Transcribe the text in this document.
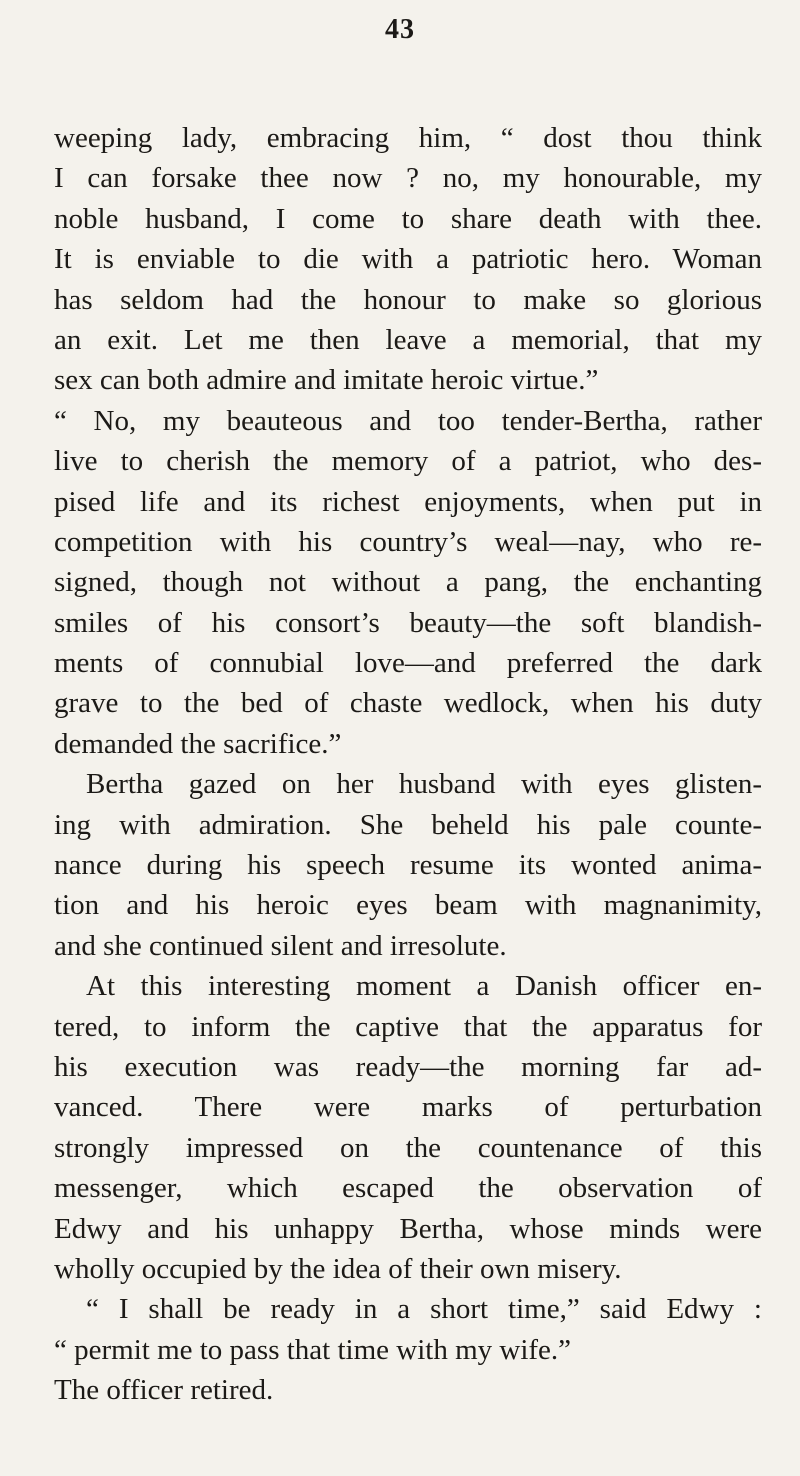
43
weeping lady, embracing him, “ dost thou think
I can forsake thee now ? no, my honourable, my
noble husband, I come to share death with thee.
It is enviable to die with a patriotic hero. Woman
has seldom had the honour to make so glorious
an exit. Let me then leave a memorial, that my
sex can both admire and imitate heroic virtue.”
“ No, my beauteous and too tender-Bertha, rather
live to cherish the memory of a patriot, who des-
pised life and its richest enjoyments, when put in
competition with his country’s weal—nay, who re-
signed, though not without a pang, the enchanting
smiles of his consort’s beauty—the soft blandish-
ments of connubial love—and preferred the dark
grave to the bed of chaste wedlock, when his duty
demanded the sacrifice.”
Bertha gazed on her husband with eyes glisten-
ing with admiration. She beheld his pale counte-
nance during his speech resume its wonted anima-
tion and his heroic eyes beam with magnanimity,
and she continued silent and irresolute.
At this interesting moment a Danish officer en-
tered, to inform the captive that the apparatus for
his execution was ready—the morning far ad-
vanced. There were marks of perturbation
strongly impressed on the countenance of this
messenger, which escaped the observation of
Edwy and his unhappy Bertha, whose minds were
wholly occupied by the idea of their own misery.
“ I shall be ready in a short time,” said Edwy :
“ permit me to pass that time with my wife.”
The officer retired.
